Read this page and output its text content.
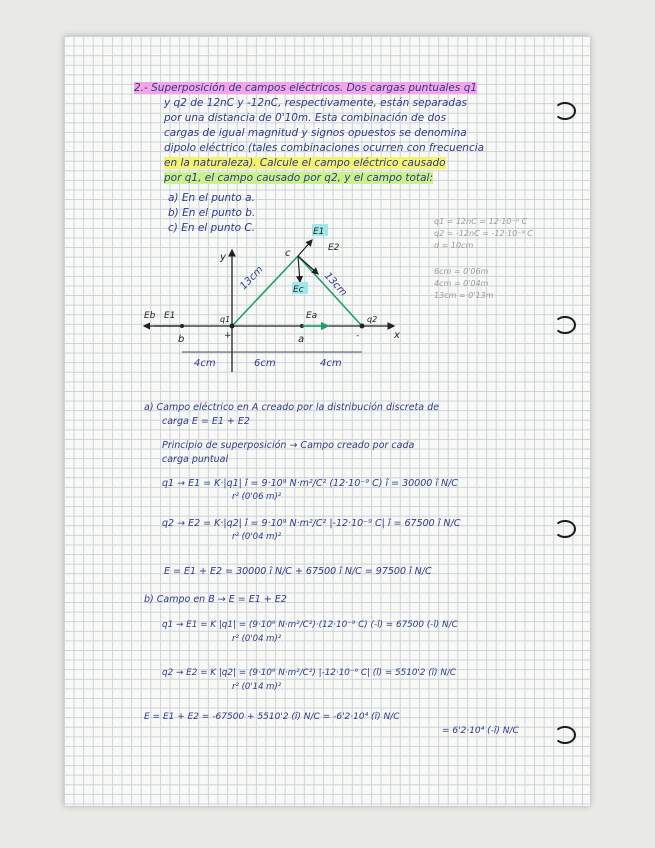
2.- Superposición de campos eléctricos. Dos cargas puntuales q1
y q2 de 12nC y -12nC, respectivamente, están separadas
por una distancia de 0'10m. Esta combinación de dos
cargas de igual magnitud y signos opuestos se denomina
dipolo eléctrico (tales combinaciones ocurren con frecuencia
en la naturaleza). Calcule el campo eléctrico causado
por q1, el campo causado por q2, y el campo total:
a) En el punto a.
b) En el punto b.
c) En el punto C.
q1 = 12nC = 12·10⁻⁹ C
q2 = -12nC = -12·10⁻⁹ C
d = 10cm
6cm = 0'06m
4cm = 0'04m
13cm = 0'13m
y
x
13cm	13cm
q1	q2
+	-
c
a
b
E1
E2
Ec
Eb E1	Ea
4cm	6cm	4cm
a) Campo eléctrico en A creado por la distribución discreta de
carga E = E1 + E2
Principio de superposición → Campo creado por cada
carga puntual
q1 → E1 = K·|q1| î = 9·10⁹ N·m²/C² (12·10⁻⁹ C) î = 30000 î N/C
r² (0'06 m)²
q2 → E2 = K·|q2| î = 9·10⁹ N·m²/C² |-12·10⁻⁹ C| î = 67500 î N/C
r² (0'04 m)²
E = E1 + E2 = 30000 î N/C + 67500 î N/C = 97500 î N/C
b) Campo en B → E = E1 + E2
q1 → E1 = K |q1| = (9·10⁹ N·m²/C²)·(12·10⁻⁹ C) (-î) = 67500 (-î) N/C
r² (0'04 m)²
q2 → E2 = K |q2| = (9·10⁹ N·m²/C²) |-12·10⁻⁹ C| (î) = 5510'2 (î) N/C
r² (0'14 m)²
E = E1 + E2 = -67500 + 5510'2 (î) N/C = -6'2·10⁴ (î) N/C
= 6'2·10⁴ (-î) N/C
